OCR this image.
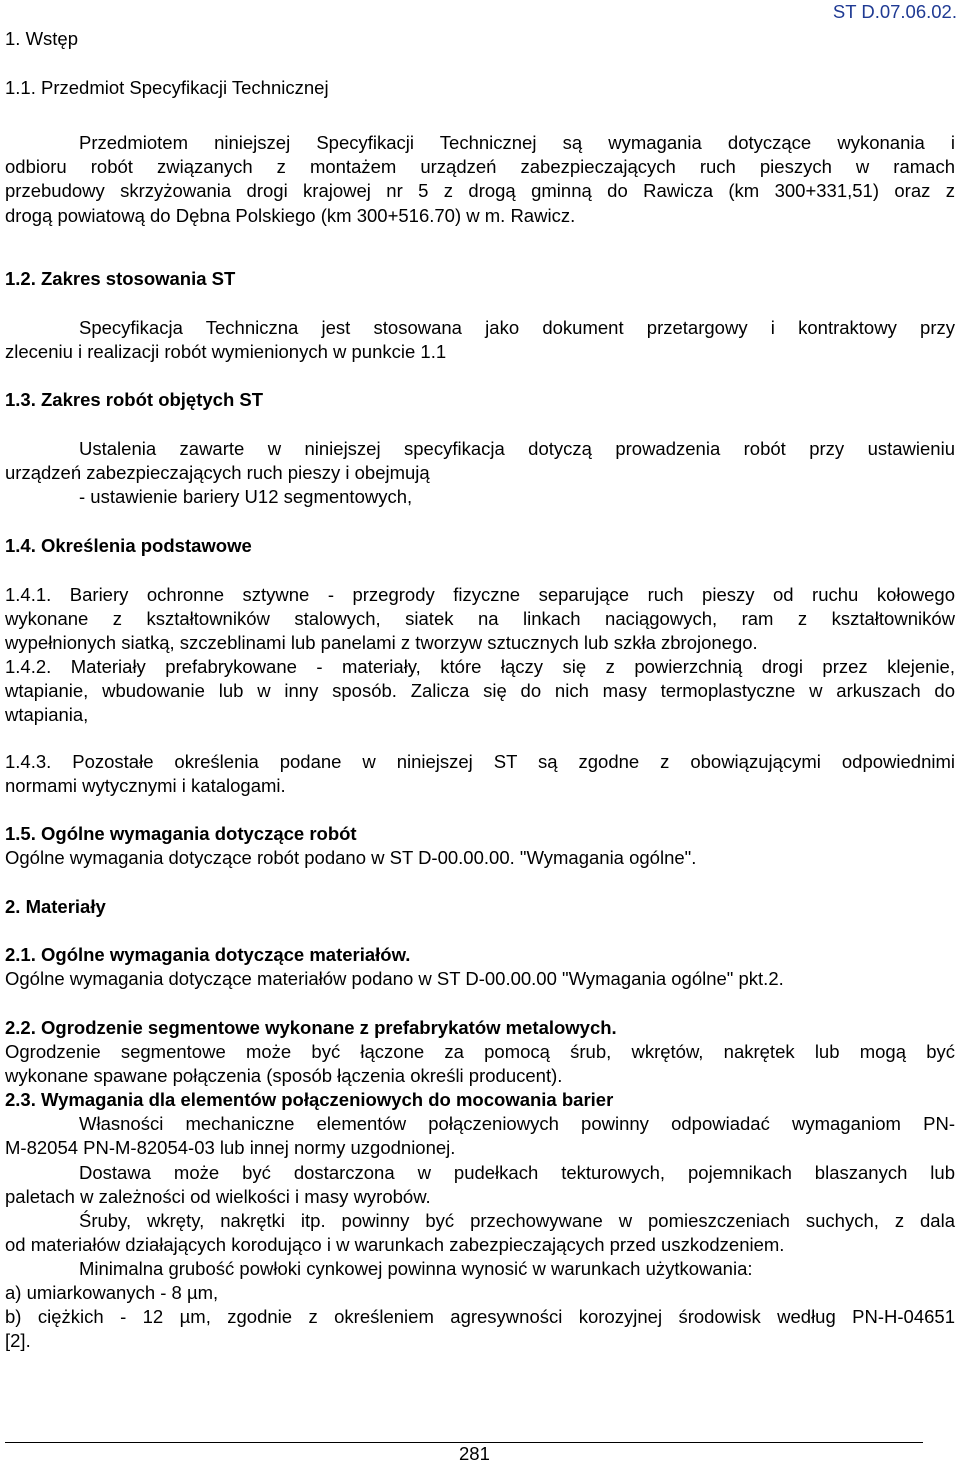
ST D.07.06.02.

1. Wstęp

1.1. Przedmiot Specyfikacji Technicznej

Przedmiotem niniejszej Specyfikacji Technicznej są wymagania dotyczące wykonania i

odbioru robót związanych z montażem urządzeń zabezpieczających ruch pieszych w ramach

przebudowy skrzyżowania drogi krajowej nr 5 z drogą gminną do Rawicza (km 300+331,51) oraz z

drogą powiatową do Dębna Polskiego (km 300+516.70) w m. Rawicz.

1.2. Zakres stosowania ST

Specyfikacja Techniczna jest stosowana jako dokument przetargowy i kontraktowy przy

zleceniu i realizacji robót wymienionych w punkcie 1.1

1.3. Zakres robót objętych ST

Ustalenia zawarte w niniejszej specyfikacja dotyczą prowadzenia robót przy ustawieniu

urządzeń zabezpieczających ruch pieszy i obejmują

- ustawienie bariery U12 segmentowych,

1.4. Określenia podstawowe

1.4.1. Bariery ochronne sztywne - przegrody fizyczne separujące ruch pieszy od ruchu kołowego

wykonane z kształtowników stalowych, siatek na linkach naciągowych, ram z kształtowników

wypełnionych siatką, szczeblinami lub panelami z tworzyw sztucznych lub szkła zbrojonego.

1.4.2. Materiały prefabrykowane - materiały, które łączy się z powierzchnią drogi przez klejenie,

wtapianie, wbudowanie lub w inny sposób. Zalicza się do nich masy termoplastyczne w arkuszach do

wtapiania,

1.4.3. Pozostałe określenia podane w niniejszej ST są zgodne z obowiązującymi odpowiednimi

normami wytycznymi i katalogami.

1.5. Ogólne wymagania dotyczące robót

Ogólne wymagania dotyczące robót podano w ST D-00.00.00. "Wymagania ogólne".

2. Materiały

2.1. Ogólne wymagania dotyczące materiałów.

Ogólne wymagania dotyczące materiałów podano w ST D-00.00.00 "Wymagania ogólne" pkt.2.

2.2. Ogrodzenie segmentowe wykonane z prefabrykatów metalowych.

Ogrodzenie segmentowe może być łączone za pomocą śrub, wkrętów, nakrętek lub mogą być

wykonane spawane połączenia (sposób łączenia określi producent).

2.3. Wymagania dla elementów połączeniowych do mocowania barier

Własności mechaniczne elementów połączeniowych powinny odpowiadać wymaganiom PN-

M-82054 PN-M-82054-03 lub innej normy uzgodnionej.

Dostawa może być dostarczona w pudełkach tekturowych, pojemnikach blaszanych lub

paletach w zależności od wielkości i masy wyrobów.

Śruby, wkręty, nakrętki itp. powinny być przechowywane w pomieszczeniach suchych, z dala

od materiałów działających korodująco i w warunkach zabezpieczających przed uszkodzeniem.

Minimalna grubość powłoki cynkowej powinna wynosić w warunkach użytkowania:

a) umiarkowanych - 8 µm,

b) ciężkich - 12 µm, zgodnie z określeniem agresywności korozyjnej środowisk według PN-H-04651

[2].

281
